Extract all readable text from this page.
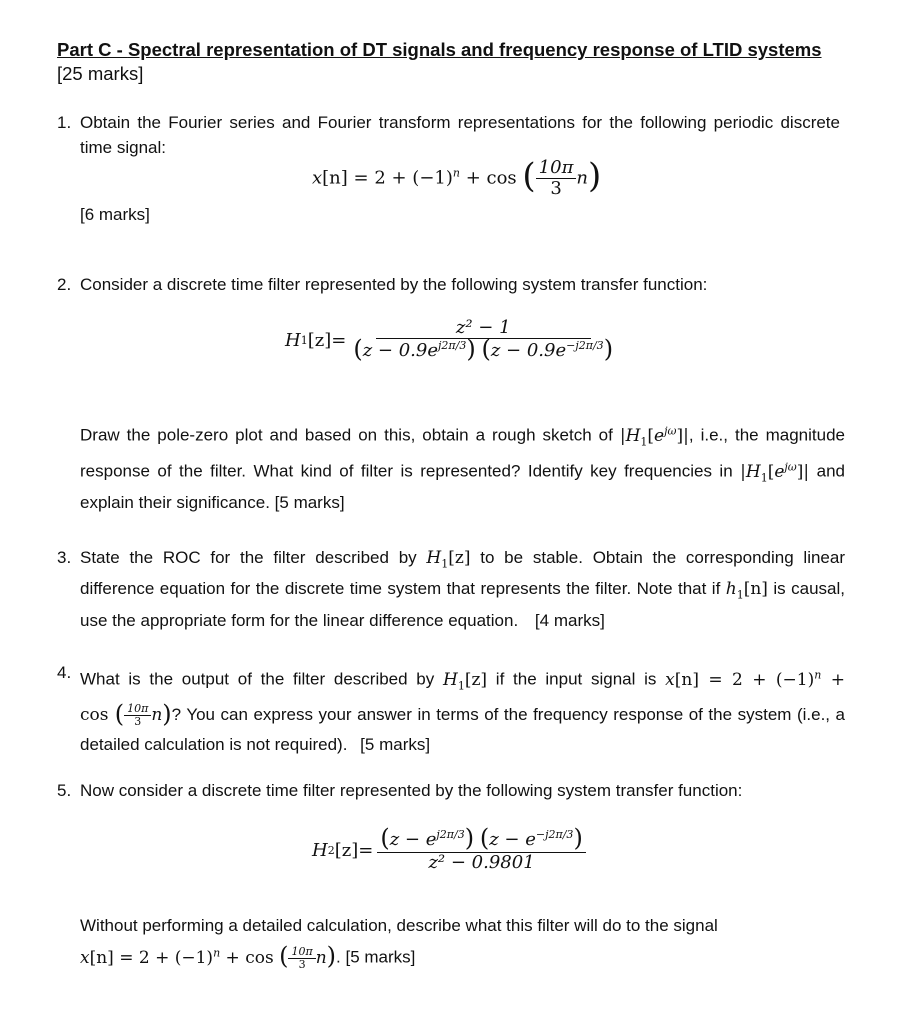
Part C - Spectral representation of DT signals and frequency response of LTID systems [25 marks]
1. Obtain the Fourier series and Fourier transform representations for the following periodic discrete time signal:
$x[n] = 2 + (-1)^n + \cos$ ( $\frac{10\pi}{3} n$)
[6 marks]
2. Consider a discrete time filter represented by the following system transfer function:
H 1 $[z] = \frac{\text{z² − 1}}{(z - 0.9e^{j2\pi/3}) (z - 0.9e^{-j2\pi/3})}$
Draw the pole-zero plot and based on this, obtain a rough sketch of $|H_1[e^{j\omega}]|$, i.e., the magnitude response of the filter. What kind of filter is represented? Identify key frequencies in $|H_1[e^{j\omega}]|$ and explain their significance. [5 marks]
3. State the ROC for the filter described by $H_1[z]$ to be stable. Obtain the corresponding linear difference equation for the discrete time system that represents the filter. Note that if $h_1[n]$ is causal, use the appropriate form for the linear difference equation. [4 marks]
4. What is the output of the filter described by $H_1[z]$ if the input signal is $x[n] = 2 + (-1)^n + \cos$ ( $\frac{10\pi}{3} n$)? You can express your answer in terms of the frequency response of the system (i.e., a detailed calculation is not required). [5 marks]
5. Now consider a discrete time filter represented by the following system transfer function:
H 2 $[z] = \frac{(z - e^{j2\pi/3}) (z - e^{-j2\pi/3})}{\text{z² − 0.9801}}$
Without performing a detailed calculation, describe what this filter will do to the signal
$x[n] = 2 + (-1)^n + \cos$ ( $\frac{10\pi}{3} n$). [5 marks]
